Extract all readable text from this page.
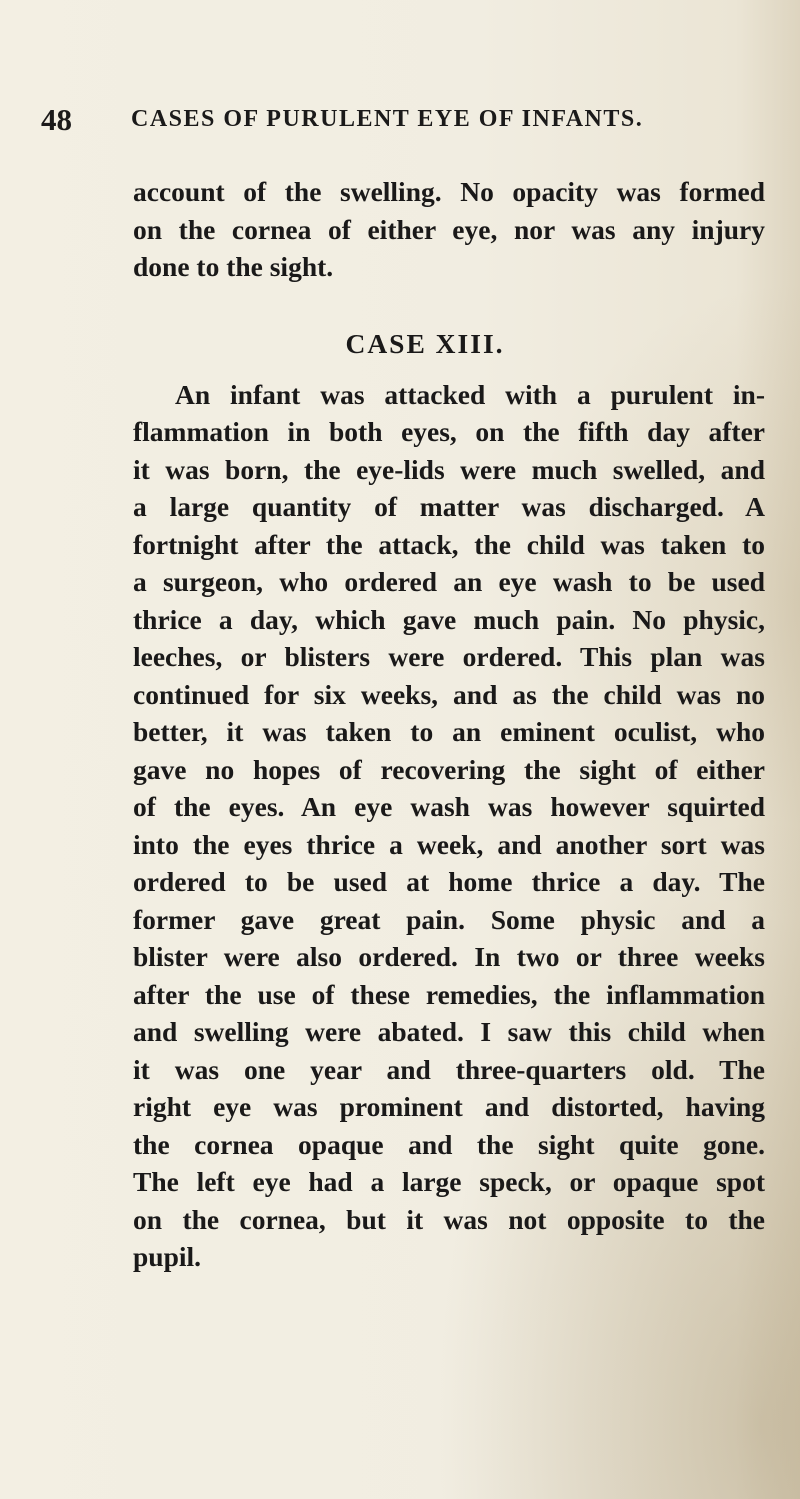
48 CASES OF PURULENT EYE OF INFANTS.
account of the swelling. No opacity was formed
on the cornea of either eye, nor was any injury
done to the sight.
CASE XIII.
An infant was attacked with a purulent in-
flammation in both eyes, on the fifth day after
it was born, the eye-lids were much swelled, and
a large quantity of matter was discharged. A
fortnight after the attack, the child was taken to
a surgeon, who ordered an eye wash to be used
thrice a day, which gave much pain. No physic,
leeches, or blisters were ordered. This plan was
continued for six weeks, and as the child was no
better, it was taken to an eminent oculist, who
gave no hopes of recovering the sight of either
of the eyes. An eye wash was however squirted
into the eyes thrice a week, and another sort was
ordered to be used at home thrice a day. The
former gave great pain. Some physic and a
blister were also ordered. In two or three weeks
after the use of these remedies, the inflammation
and swelling were abated. I saw this child when
it was one year and three-quarters old. The
right eye was prominent and distorted, having
the cornea opaque and the sight quite gone.
The left eye had a large speck, or opaque spot
on the cornea, but it was not opposite to the
pupil.
